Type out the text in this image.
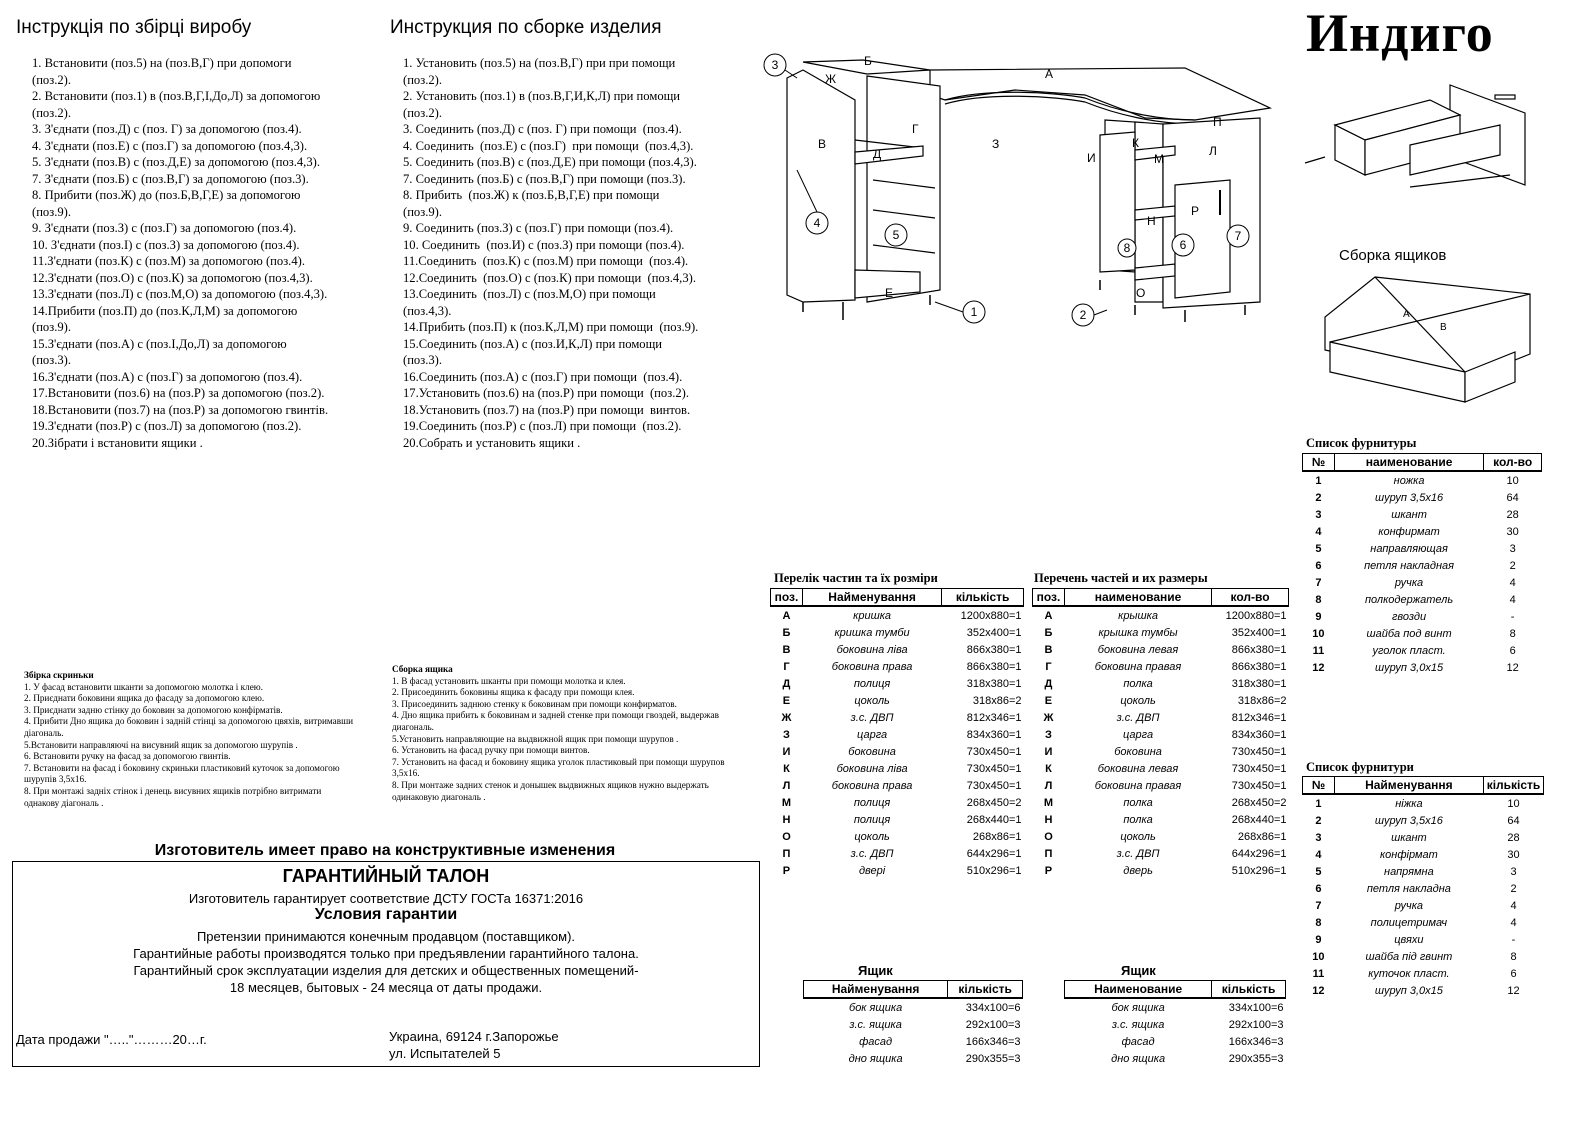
Индиго
Інструкція по збірці виробу
1. Встановити (поз.5) на (поз.В,Г) при допомоги
(поз.2).
2. Встановити (поз.1) в (поз.В,Г,І,До,Л) за допомогою
(поз.2).
3. З'єднати (поз.Д) с (поз. Г) за допомогою (поз.4).
4. З'єднати (поз.Е) с (поз.Г) за допомогою (поз.4,3).
5. З'єднати (поз.В) с (поз.Д,Е) за допомогою (поз.4,3).
7. З'єднати (поз.Б) с (поз.В,Г) за допомогою (поз.3).
8. Прибити (поз.Ж) до (поз.Б,В,Г,Е) за допомогою
(поз.9).
9. З'єднати (поз.З) с (поз.Г) за допомогою (поз.4).
10. З'єднати (поз.І) с (поз.З) за допомогою (поз.4).
11.З'єднати (поз.К) с (поз.М) за допомогою (поз.4).
12.З'єднати (поз.О) с (поз.К) за допомогою (поз.4,3).
13.З'єднати (поз.Л) с (поз.М,О) за допомогою (поз.4,3).
14.Прибити (поз.П) до (поз.К,Л,М) за допомогою
(поз.9).
15.З'єднати (поз.А) с (поз.І,До,Л) за допомогою
(поз.3).
16.З'єднати (поз.А) с (поз.Г) за допомогою (поз.4).
17.Встановити (поз.6) на (поз.Р) за допомогою (поз.2).
18.Встановити (поз.7) на (поз.Р) за допомогою гвинтів.
19.З'єднати (поз.Р) с (поз.Л) за допомогою (поз.2).
20.Зібрати і встановити ящики .
Инструкция по сборке изделия
1. Установить (поз.5) на (поз.В,Г) при при помощи
(поз.2).
2. Установить (поз.1) в (поз.В,Г,И,К,Л) при помощи
(поз.2).
3. Соединить (поз.Д) с (поз. Г) при помощи  (поз.4).
4. Соединить  (поз.Е) с (поз.Г)  при помощи  (поз.4,3).
5. Соединить (поз.В) с (поз.Д,Е) при помощи (поз.4,3).
7. Соединить (поз.Б) с (поз.В,Г) при помощи (поз.3).
8. Прибить  (поз.Ж) к (поз.Б,В,Г,Е) при помощи
(поз.9).
9. Соединить (поз.З) с (поз.Г) при помощи (поз.4).
10. Соединить  (поз.И) с (поз.З) при помощи (поз.4).
11.Соединить  (поз.К) с (поз.М) при помощи  (поз.4).
12.Соединить  (поз.О) с (поз.К) при помощи  (поз.4,3).
13.Соединить  (поз.Л) с (поз.М,О) при помощи
(поз.4,3).
14.Прибить (поз.П) к (поз.К,Л,М) при помощи  (поз.9).
15.Соединить (поз.А) с (поз.И,К,Л) при помощи
(поз.3).
16.Соединить (поз.А) с (поз.Г) при помощи  (поз.4).
17.Установить (поз.6) на (поз.Р) при помощи  (поз.2).
18.Установить (поз.7) на (поз.Р) при помощи  винтов.
19.Соединить (поз.Р) с (поз.Л) при помощи  (поз.2).
20.Собрать и установить ящики .
Збірка скриньки
1. У фасад встановити шканти за допомогою молотка і клею.
2. Приєднати боковини ящика до фасаду за допомогою клею.
3. Приєднати задню стінку до боковин за допомогою конфірматів.
4. Прибити Дно ящика до боковин і задній стінці за допомогою цвяхів, витримавши діагональ.
5.Встановити направляючі на висувний ящик за допомогою шурупів .
6. Встановити ручку на фасад за допомогою гвинтів.
7. Встановити на фасад і боковину скриньки пластиковий куточок за допомогою шурупів 3,5х16.
8. При монтажі задніх стінок і денець висувних ящиків потрібно витримати однакову діагональ .
Сборка ящика
1. В фасад установить шканты при помощи молотка и клея.
2. Присоединить боковины ящика к фасаду при помощи клея.
3. Присоединить заднюю стенку к боковинам при помощи конфирматов.
4. Дно ящика прибить к боковинам и задней стенке при помощи гвоздей, выдержав диагональ.
5.Установить направляющие на выдвижной ящик при помощи шурупов .
6. Установить на фасад ручку при помощи винтов.
7. Установить на фасад и боковину ящика уголок пластиковый при помощи шурупов 3,5х16.
8. При монтаже задних стенок и донышек выдвижных ящиков нужно выдержать одинаковую диагональ .
А
Б
В
Г
Д
Е
Ж
З
И
К
Л
М
Н
О
П
Р
1	2
3
4
5
6
7
8	Сборка ящиков
A
B
Перелік частин та їх розміри
поз.	Найменування	кількість
А	кришка	1200х880=1
Б	кришка тумби	352х400=1
В	боковина ліва	866х380=1
Г	боковина права	866х380=1
Д	полиця	318х380=1
Е	цоколь	318х86=2
Ж	з.с. ДВП	812х346=1
З	царга	834х360=1
И	боковина	730х450=1
К	боковина ліва	730х450=1
Л	боковина права	730х450=1
М	полиця	268х450=2
Н	полиця	268х440=1
О	цоколь	268х86=1
П	з.с. ДВП	644х296=1
Р	двері	510х296=1
Перечень частей и их размеры
поз.	наименование	кол-во
А	крышка	1200х880=1
Б	крышка тумбы	352х400=1
В	боковина левая	866х380=1
Г	боковина правая	866х380=1
Д	полка	318х380=1
Е	цоколь	318х86=2
Ж	з.с. ДВП	812х346=1
З	царга	834х360=1
И	боковина	730х450=1
К	боковина левая	730х450=1
Л	боковина правая	730х450=1
М	полка	268х450=2
Н	полка	268х440=1
О	цоколь	268х86=1
П	з.с. ДВП	644х296=1
Р	дверь	510х296=1
Список фурнитуры
№	наименование	кол-во
1	ножка	10
2	шуруп 3,5х16	64
3	шкант	28
4	конфирмат	30
5	направляющая	3
6	петля накладная	2
7	ручка	4
8	полкодержатель	4
9	гвозди	-
10	шайба под винт	8
11	уголок пласт.	6
12	шуруп 3,0х15	12
Список фурнитури
№	Найменування	кількість
1	ніжка	10
2	шуруп 3,5х16	64
3	шкант	28
4	конфірмат	30
5	напрямна	3
6	петля накладна	2
7	ручка	4
8	полицетримач	4
9	цвяхи	-
10	шайба під гвинт	8
11	куточок пласт.	6
12	шуруп 3,0х15	12
Ящик
Найменування	кількість
бок ящика	334х100=6
з.с. ящика	292х100=3
фасад	166х346=3
дно ящика	290х355=3
Ящик
Наименование	кількість
бок ящика	334х100=6
з.с. ящика	292х100=3
фасад	166х346=3
дно ящика	290х355=3
Изготовитель имеет право на конструктивные изменения
ГАРАНТИЙНЫЙ ТАЛОН
Изготовитель гарантирует соответствие ДСТУ ГОСТа 16371:2016
Условия гарантии
Претензии принимаются конечным продавцом (поставщиком).
Гарантийные работы производятся только при предъявлении гарантийного талона.
Гарантийный срок эксплуатации изделия для детских и общественных помещений-
18 месяцев, бытовых - 24 месяца от даты продажи.
Дата продажи "….."………20…г.	Украина, 69124 г.Запорожье
ул. Испытателей 5
